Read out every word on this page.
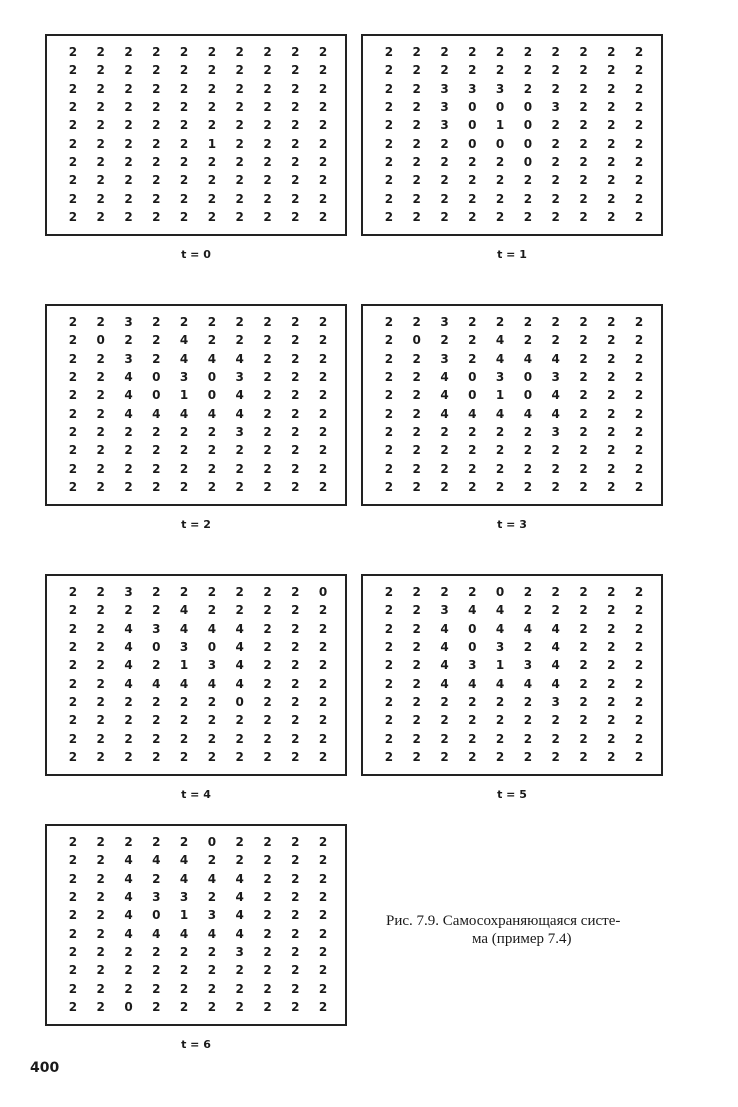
2	2	2	2	2	2	2	2	2	2
2	2	2	2	2	2	2	2	2	2
2	2	2	2	2	2	2	2	2	2
2	2	2	2	2	2	2	2	2	2
2	2	2	2	2	2	2	2	2	2
2	2	2	2	2	1	2	2	2	2
2	2	2	2	2	2	2	2	2	2
2	2	2	2	2	2	2	2	2	2
2	2	2	2	2	2	2	2	2	2
2	2	2	2	2	2	2	2	2	2
t = 0
2	2	2	2	2	2	2	2	2	2
2	2	2	2	2	2	2	2	2	2
2	2	3	3	3	2	2	2	2	2
2	2	3	0	0	0	3	2	2	2
2	2	3	0	1	0	2	2	2	2
2	2	2	0	0	0	2	2	2	2
2	2	2	2	2	0	2	2	2	2
2	2	2	2	2	2	2	2	2	2
2	2	2	2	2	2	2	2	2	2
2	2	2	2	2	2	2	2	2	2
t = 1
2	2	3	2	2	2	2	2	2	2
2	0	2	2	4	2	2	2	2	2
2	2	3	2	4	4	4	2	2	2
2	2	4	0	3	0	3	2	2	2
2	2	4	0	1	0	4	2	2	2
2	2	4	4	4	4	4	2	2	2
2	2	2	2	2	2	3	2	2	2
2	2	2	2	2	2	2	2	2	2
2	2	2	2	2	2	2	2	2	2
2	2	2	2	2	2	2	2	2	2
t = 2
2	2	3	2	2	2	2	2	2	2
2	0	2	2	4	2	2	2	2	2
2	2	3	2	4	4	4	2	2	2
2	2	4	0	3	0	3	2	2	2
2	2	4	0	1	0	4	2	2	2
2	2	4	4	4	4	4	2	2	2
2	2	2	2	2	2	3	2	2	2
2	2	2	2	2	2	2	2	2	2
2	2	2	2	2	2	2	2	2	2
2	2	2	2	2	2	2	2	2	2
t = 3
2	2	3	2	2	2	2	2	2	0
2	2	2	2	4	2	2	2	2	2
2	2	4	3	4	4	4	2	2	2
2	2	4	0	3	0	4	2	2	2
2	2	4	2	1	3	4	2	2	2
2	2	4	4	4	4	4	2	2	2
2	2	2	2	2	2	0	2	2	2
2	2	2	2	2	2	2	2	2	2
2	2	2	2	2	2	2	2	2	2
2	2	2	2	2	2	2	2	2	2
t = 4
2	2	2	2	0	2	2	2	2	2
2	2	3	4	4	2	2	2	2	2
2	2	4	0	4	4	4	2	2	2
2	2	4	0	3	2	4	2	2	2
2	2	4	3	1	3	4	2	2	2
2	2	4	4	4	4	4	2	2	2
2	2	2	2	2	2	3	2	2	2
2	2	2	2	2	2	2	2	2	2
2	2	2	2	2	2	2	2	2	2
2	2	2	2	2	2	2	2	2	2
t = 5
2	2	2	2	2	0	2	2	2	2
2	2	4	4	4	2	2	2	2	2
2	2	4	2	4	4	4	2	2	2
2	2	4	3	3	2	4	2	2	2
2	2	4	0	1	3	4	2	2	2
2	2	4	4	4	4	4	2	2	2
2	2	2	2	2	2	3	2	2	2
2	2	2	2	2	2	2	2	2	2
2	2	2	2	2	2	2	2	2	2
2	2	0	2	2	2	2	2	2	2
t = 6
Рис. 7.9. Самосохраняющаяся систе-
ма (пример 7.4)
400
